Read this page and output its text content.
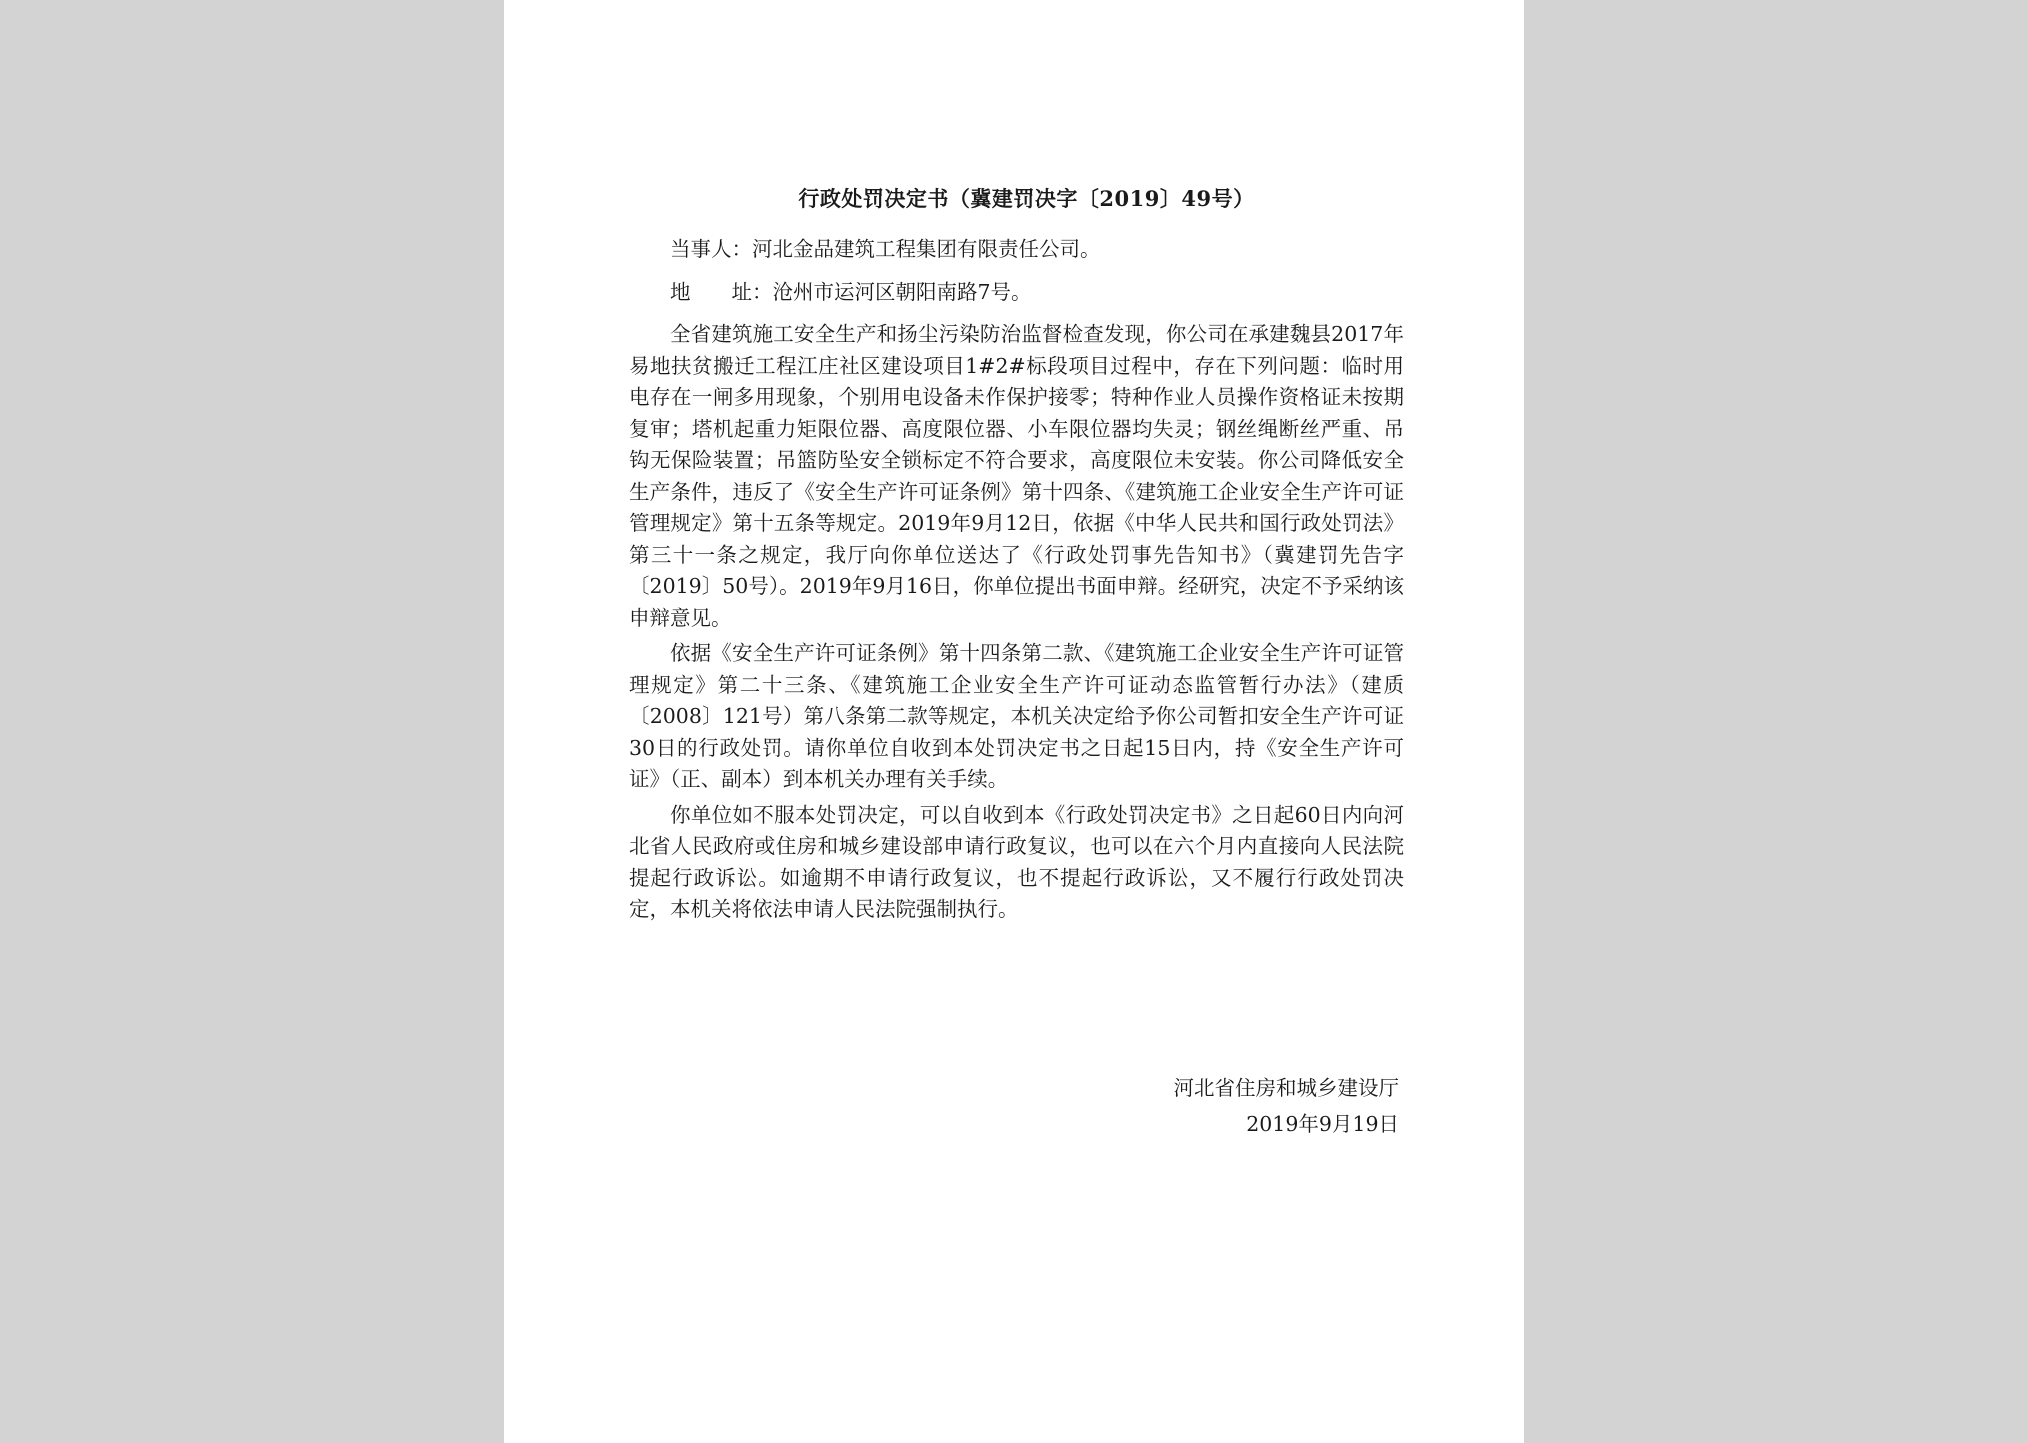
行政处罚决定书（冀建罚决字〔2019〕49号）
当事人：河北金品建筑工程集团有限责任公司。
地　　址：沧州市运河区朝阳南路7号。

全省建筑施工安全生产和扬尘污染防治监督检查发现，你公司在承建魏县2017年易地扶贫搬迁工程江庄社区建设项目1#2#标段项目过程中，存在下列问题：临时用电存在一闸多用现象，个别用电设备未作保护接零；特种作业人员操作资格证未按期复审；塔机起重力矩限位器、高度限位器、小车限位器均失灵；钢丝绳断丝严重、吊钩无保险装置；吊篮防坠安全锁标定不符合要求，高度限位未安装。你公司降低安全生产条件，违反了《安全生产许可证条例》第十四条、《建筑施工企业安全生产许可证管理规定》第十五条等规定。2019年9月12日，依据《中华人民共和国行政处罚法》第三十一条之规定，我厅向你单位送达了《行政处罚事先告知书》（冀建罚先告字〔2019〕50号）。2019年9月16日，你单位提出书面申辩。经研究，决定不予采纳该申辩意见。

依据《安全生产许可证条例》第十四条第二款、《建筑施工企业安全生产许可证管理规定》第二十三条、《建筑施工企业安全生产许可证动态监管暂行办法》（建质〔2008〕121号）第八条第二款等规定，本机关决定给予你公司暂扣安全生产许可证30日的行政处罚。请你单位自收到本处罚决定书之日起15日内，持《安全生产许可证》（正、副本）到本机关办理有关手续。

你单位如不服本处罚决定，可以自收到本《行政处罚决定书》之日起60日内向河北省人民政府或住房和城乡建设部申请行政复议，也可以在六个月内直接向人民法院提起行政诉讼。如逾期不申请行政复议，也不提起行政诉讼，又不履行行政处罚决定，本机关将依法申请人民法院强制执行。

河北省住房和城乡建设厅
2019年9月19日
